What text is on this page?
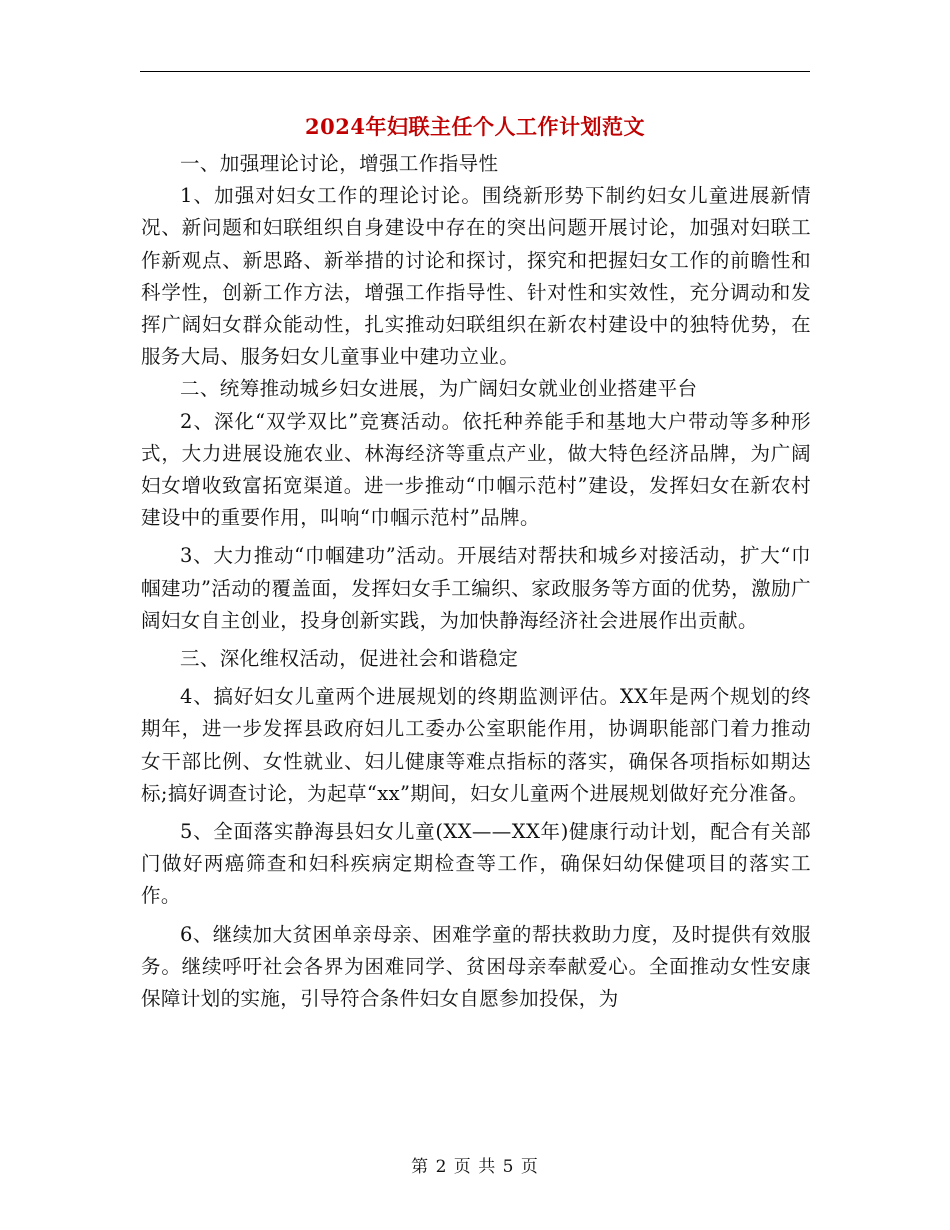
2024年妇联主任个人工作计划范文

一、加强理论讨论，增强工作指导性

1、加强对妇女工作的理论讨论。围绕新形势下制约妇女儿童进展新情况、新问题和妇联组织自身建设中存在的突出问题开展讨论，加强对妇联工作新观点、新思路、新举措的讨论和探讨，探究和把握妇女工作的前瞻性和科学性，创新工作方法，增强工作指导性、针对性和实效性，充分调动和发挥广阔妇女群众能动性，扎实推动妇联组织在新农村建设中的独特优势，在服务大局、服务妇女儿童事业中建功立业。

二、统筹推动城乡妇女进展，为广阔妇女就业创业搭建平台

2、深化“双学双比”竞赛活动。依托种养能手和基地大户带动等多种形式，大力进展设施农业、林海经济等重点产业，做大特色经济品牌，为广阔妇女增收致富拓宽渠道。进一步推动“巾帼示范村”建设，发挥妇女在新农村建设中的重要作用，叫响“巾帼示范村”品牌。

3、大力推动“巾帼建功”活动。开展结对帮扶和城乡对接活动，扩大“巾帼建功”活动的覆盖面，发挥妇女手工编织、家政服务等方面的优势，激励广阔妇女自主创业，投身创新实践，为加快静海经济社会进展作出贡献。

三、深化维权活动，促进社会和谐稳定

4、搞好妇女儿童两个进展规划的终期监测评估。XX年是两个规划的终期年，进一步发挥县政府妇儿工委办公室职能作用，协调职能部门着力推动女干部比例、女性就业、妇儿健康等难点指标的落实，确保各项指标如期达标;搞好调查讨论，为起草“xx”期间，妇女儿童两个进展规划做好充分准备。

5、全面落实静海县妇女儿童(XX——XX年)健康行动计划，配合有关部门做好两癌筛查和妇科疾病定期检查等工作，确保妇幼保健项目的落实工作。

6、继续加大贫困单亲母亲、困难学童的帮扶救助力度，及时提供有效服务。继续呼吁社会各界为困难同学、贫困母亲奉献爱心。全面推动女性安康保障计划的实施，引导符合条件妇女自愿参加投保，为

第 2 页 共 5 页
